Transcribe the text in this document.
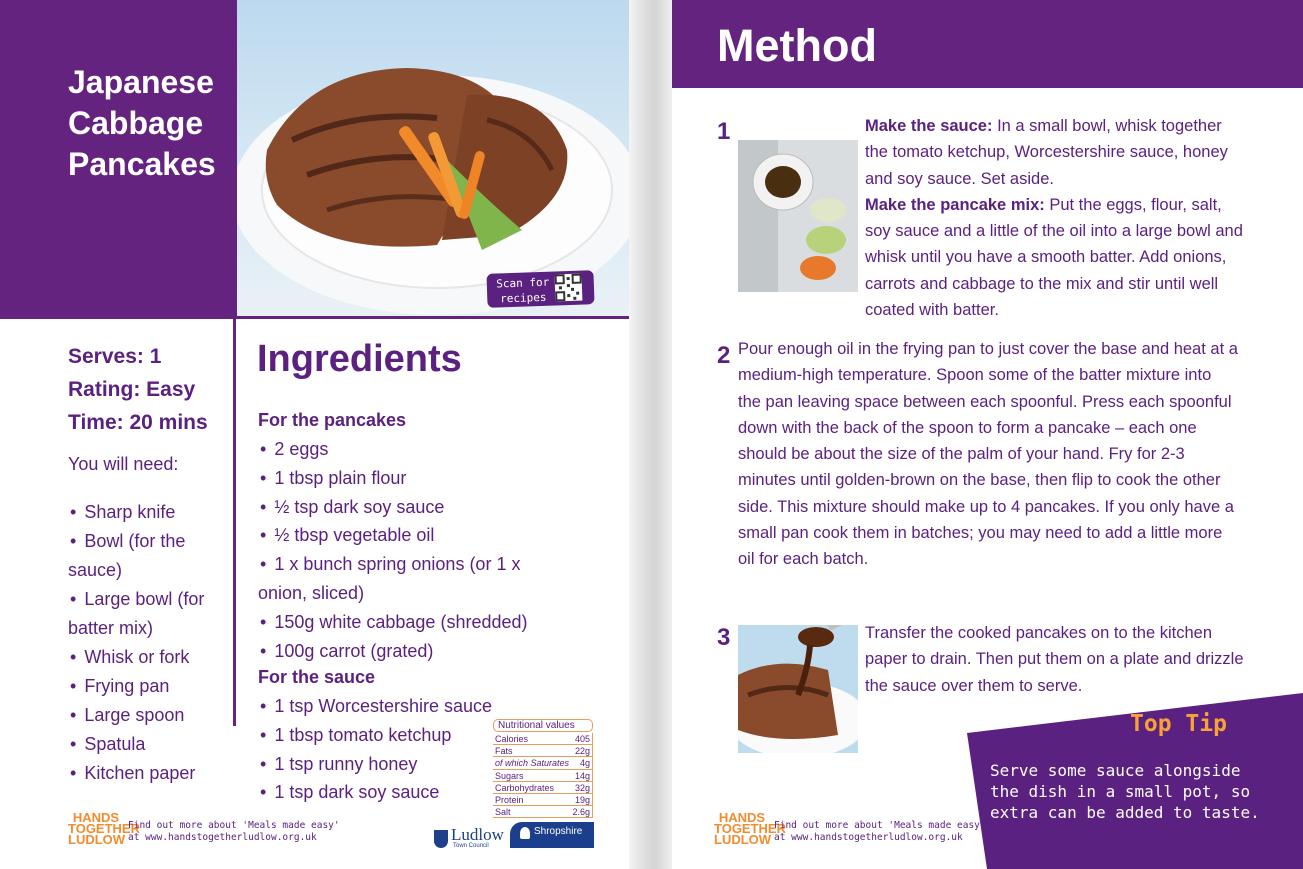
Japanese Cabbage Pancakes
Scan for recipes
Serves: 1
Rating: Easy
Time: 20 mins
You will need:
• Sharp knife
• Bowl (for the sauce)
• Large bowl (for batter mix)
• Whisk or fork
• Frying pan
• Large spoon
• Spatula
• Kitchen paper
Ingredients
For the pancakes
• 2 eggs
• 1 tbsp plain flour
• ½ tsp dark soy sauce
• ½ tbsp vegetable oil
• 1 x bunch spring onions (or 1 x onion, sliced)
• 150g white cabbage (shredded)
• 100g carrot (grated)
For the sauce
• 1 tsp Worcestershire sauce
• 1 tbsp tomato ketchup
• 1 tsp runny honey
• 1 tsp dark soy sauce
Nutritional values
Calories	405
Fats	22g
of which Saturates 4g
Sugars	14g
Carbohydrates 32g
Protein	19g
Salt	2.6g
HANDS TOGETHER LUDLOW
Find out more about 'Meals made easy'
at www.handstogetherludlow.org.uk	Ludlow
Town Council
Shropshire
Method
1	Make the sauce: In a small bowl, whisk together the tomato ketchup, Worcestershire sauce, honey and soy sauce. Set aside.
Make the pancake mix: Put the eggs, flour, salt, soy sauce and a little of the oil into a large bowl and whisk until you have a smooth batter. Add onions, carrots and cabbage to the mix and stir until well coated with batter.
2 Pour enough oil in the frying pan to just cover the base and heat at a medium-high temperature. Spoon some of the batter mixture into the pan leaving space between each spoonful. Press each spoonful down with the back of the spoon to form a pancake – each one should be about the size of the palm of your hand. Fry for 2-3 minutes until golden-brown on the base, then flip to cook the other side. This mixture should make up to 4 pancakes. If you only have a small pan cook them in batches; you may need to add a little more oil for each batch.
3	Transfer the cooked pancakes on to the kitchen paper to drain. Then put them on a plate and drizzle the sauce over them to serve.
Top Tip
Serve some sauce alongside the dish in a small pot, so extra can be added to taste.
HANDS TOGETHER LUDLOW
Find out more about 'Meals made easy'
at www.handstogetherludlow.org.uk
